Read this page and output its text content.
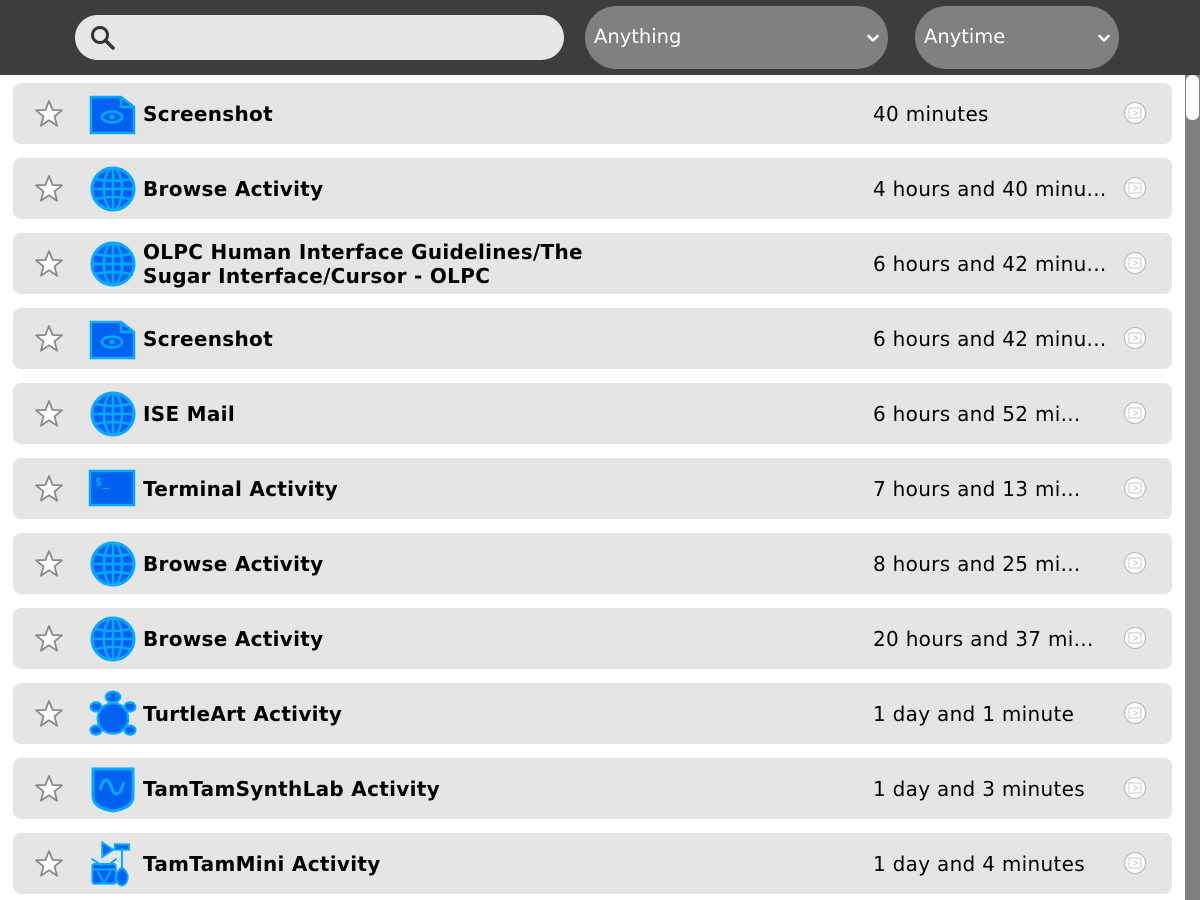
Anything	Anytime
Screenshot	40 minutes
Browse Activity	4 hours and 40 minu...
OLPC Human Interface Guidelines/The Sugar Interface/Cursor - OLPC	6 hours and 42 minu...
Screenshot	6 hours and 42 minu...
ISE Mail	6 hours and 52 mi...
$_ Terminal Activity	7 hours and 13 mi...
Browse Activity	8 hours and 25 mi...
Browse Activity	20 hours and 37 mi...
TurtleArt Activity	1 day and 1 minute
TamTamSynthLab Activity	1 day and 3 minutes
TamTamMini Activity	1 day and 4 minutes
